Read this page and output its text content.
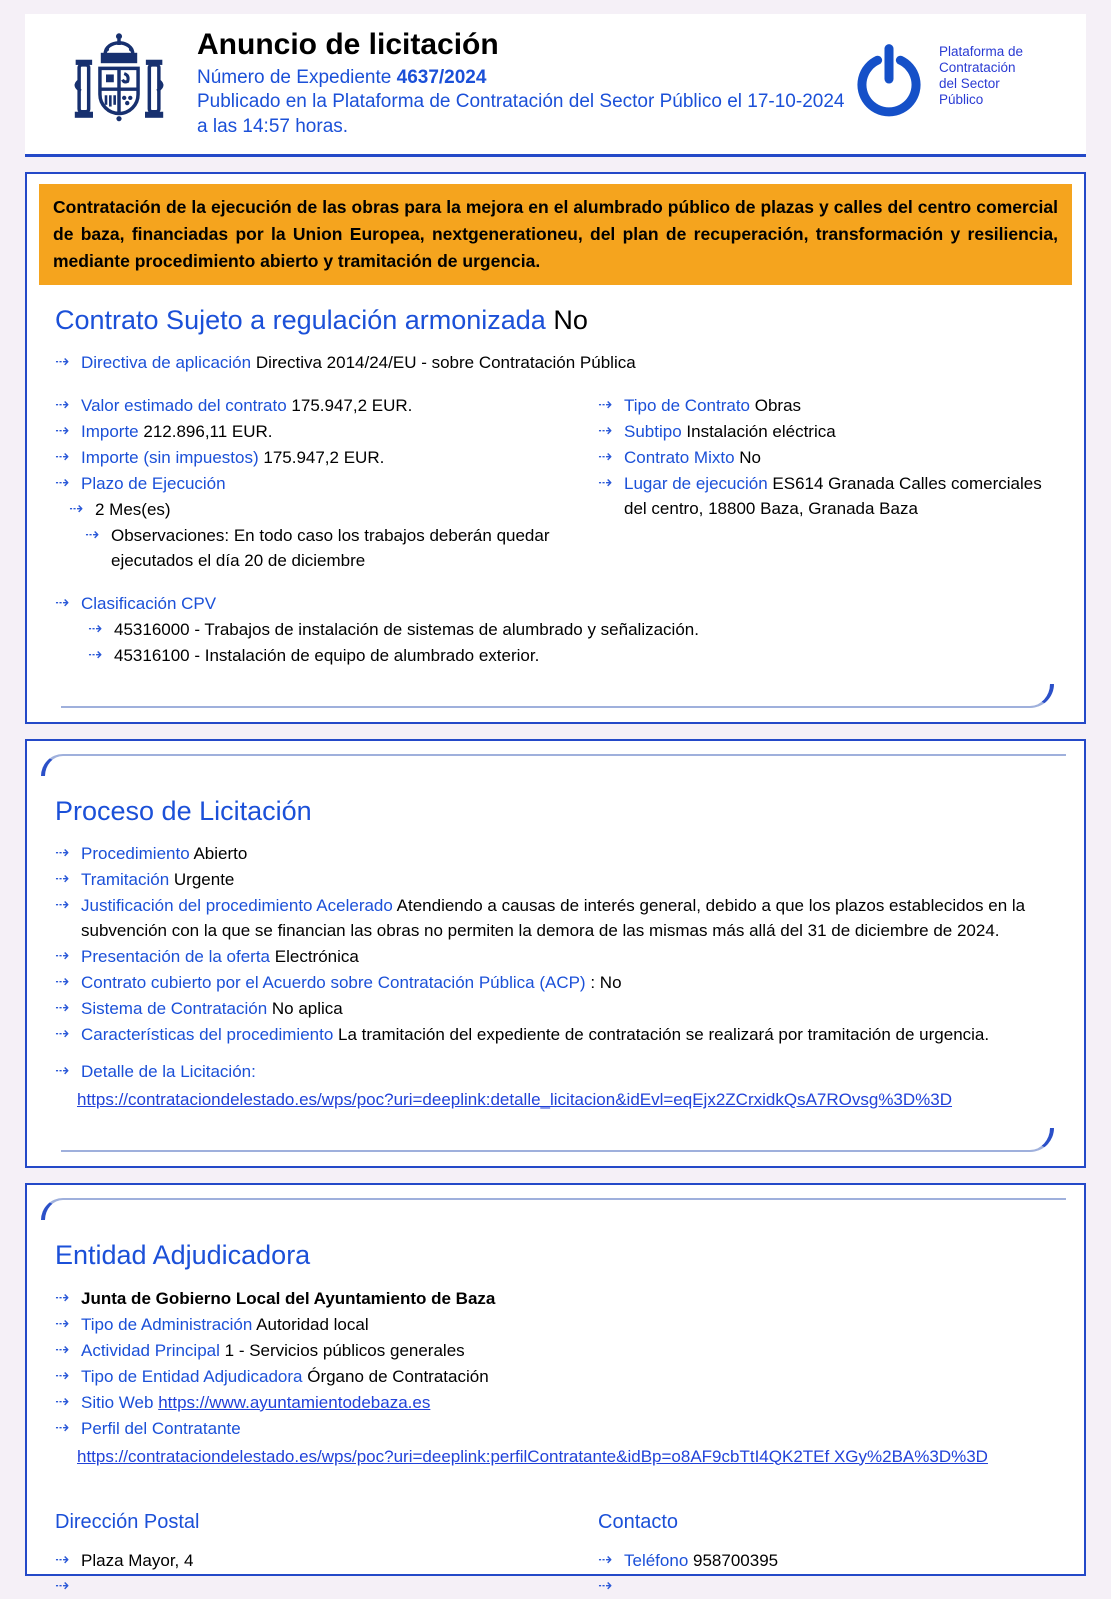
Anuncio de licitación
Número de Expediente 4637/2024
Publicado en la Plataforma de Contratación del Sector Público el 17-10-2024 a las 14:57 horas.
Plataforma de
Contratación
del Sector
Público
Contratación de la ejecución de las obras para la mejora en el alumbrado público de plazas y calles del centro comercial de baza, financiadas por la Union Europea, nextgenerationeu, del plan de recuperación, transformación y resiliencia, mediante procedimiento abierto y tramitación de urgencia.
Contrato Sujeto a regulación armonizada No
⇢ Directiva de aplicación Directiva 2014/24/EU - sobre Contratación Pública
⇢ Valor estimado del contrato 175.947,2 EUR.
⇢ Importe 212.896,11 EUR.
⇢ Importe (sin impuestos) 175.947,2 EUR.
⇢ Plazo de Ejecución
⇢ 2 Mes(es)
⇢ Observaciones: En todo caso los trabajos deberán quedar ejecutados el día 20 de diciembre
⇢ Tipo de Contrato Obras
⇢ Subtipo Instalación eléctrica
⇢ Contrato Mixto No
⇢ Lugar de ejecución ES614 Granada Calles comerciales del centro, 18800 Baza, Granada Baza
⇢ Clasificación CPV
⇢ 45316000 - Trabajos de instalación de sistemas de alumbrado y señalización.
⇢ 45316100 - Instalación de equipo de alumbrado exterior.
Proceso de Licitación
⇢ Procedimiento Abierto
⇢ Tramitación Urgente
⇢ Justificación del procedimiento Acelerado Atendiendo a causas de interés general, debido a que los plazos establecidos en la subvención con la que se financian las obras no permiten la demora de las mismas más allá del 31 de diciembre de 2024.
⇢ Presentación de la oferta Electrónica
⇢ Contrato cubierto por el Acuerdo sobre Contratación Pública (ACP) : No
⇢ Sistema de Contratación No aplica
⇢ Características del procedimiento La tramitación del expediente de contratación se realizará por tramitación de urgencia.
⇢ Detalle de la Licitación:
https://contrataciondelestado.es/wps/poc?uri=deeplink:detalle_licitacion&idEvl=eqEjx2ZCrxidkQsA7ROvsg%3D%3D
Entidad Adjudicadora
⇢ Junta de Gobierno Local del Ayuntamiento de Baza
⇢ Tipo de Administración Autoridad local
⇢ Actividad Principal 1 - Servicios públicos generales
⇢ Tipo de Entidad Adjudicadora Órgano de Contratación
⇢ Sitio Web https://www.ayuntamientodebaza.es
⇢ Perfil del Contratante
https://contrataciondelestado.es/wps/poc?uri=deeplink:perfilContratante&idBp=o8AF9cbTtI4QK2TEf XGy%2BA%3D%3D
Dirección Postal
⇢ Plaza Mayor, 4
⇢
Contacto
⇢ Teléfono 958700395
⇢
